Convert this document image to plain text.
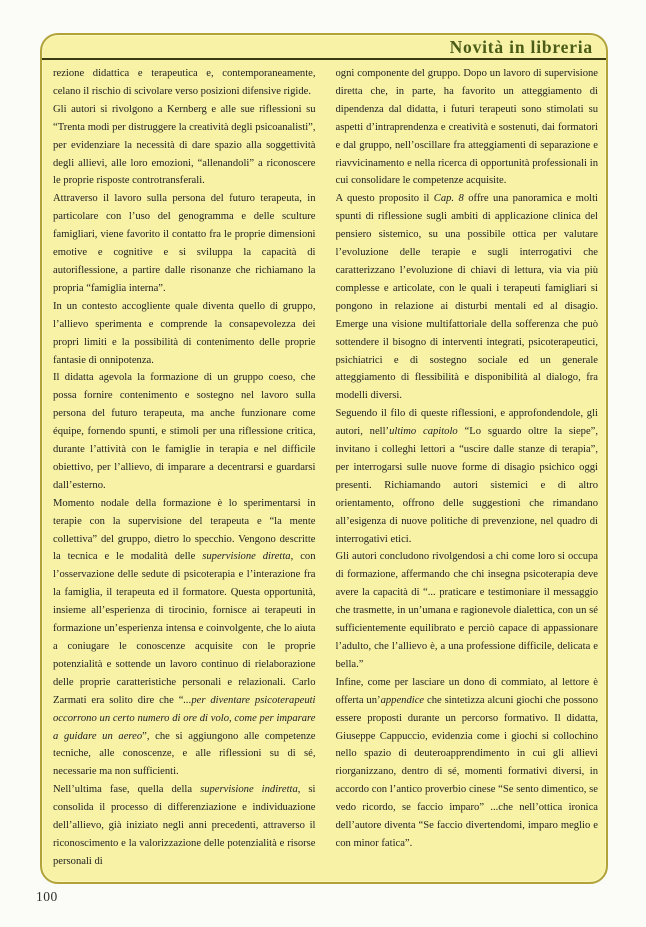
Novità in libreria

rezione didattica e terapeutica e, contemporaneamente, celano il rischio di scivolare verso posizioni difensive rigide.

Gli autori si rivolgono a Kernberg e alle sue riflessioni su “Trenta modi per distruggere la creatività degli psicoanalisti”, per evidenziare la necessità di dare spazio alla soggettività degli allievi, alle loro emozioni, “allenandoli” a riconoscere le proprie risposte controtransferali.

Attraverso il lavoro sulla persona del futuro terapeuta, in particolare con l’uso del genogramma e delle sculture famigliari, viene favorito il contatto fra le proprie dimensioni emotive e cognitive e si sviluppa la capacità di autoriflessione, a partire dalle risonanze che richiamano la propria “famiglia interna”.

In un contesto accogliente quale diventa quello di gruppo, l’allievo sperimenta e comprende la consapevolezza dei propri limiti e la possibilità di contenimento delle proprie fantasie di onnipotenza.

Il didatta agevola la formazione di un gruppo coeso, che possa fornire contenimento e sostegno nel lavoro sulla persona del futuro terapeuta, ma anche funzionare come équipe, fornendo spunti, e stimoli per una riflessione critica, durante l’attività con le famiglie in terapia e nel difficile obiettivo, per l’allievo, di imparare a decentrarsi e guardarsi dall’esterno.

Momento nodale della formazione è lo sperimentarsi in terapie con la supervisione del terapeuta e “la mente collettiva” del gruppo, dietro lo specchio. Vengono descritte la tecnica e le modalità delle supervisione diretta, con l’osservazione delle sedute di psicoterapia e l’interazione fra la famiglia, il terapeuta ed il formatore. Questa opportunità, insieme all’esperienza di tirocinio, fornisce ai terapeuti in formazione un’esperienza intensa e coinvolgente, che lo aiuta a coniugare le conoscenze acquisite con le proprie potenzialità e sottende un lavoro continuo di rielaborazione delle proprie caratteristiche personali e relazionali. Carlo Zarmati era solito dire che “...per diventare psicoterapeuti occorrono un certo numero di ore di volo, come per imparare a guidare un aereo”, che si aggiungono alle competenze tecniche, alle conoscenze, e alle riflessioni su di sé, necessarie ma non sufficienti.

Nell’ultima fase, quella della supervisione indiretta, si consolida il processo di differenziazione e individuazione dell’allievo, già iniziato negli anni precedenti, attraverso il riconoscimento e la valorizzazione delle potenzialità e risorse personali di

ogni componente del gruppo. Dopo un lavoro di supervisione diretta che, in parte, ha favorito un atteggiamento di dipendenza dal didatta, i futuri terapeuti sono stimolati su aspetti d’intraprendenza e creatività e sostenuti, dai formatori e dal gruppo, nell’oscillare fra atteggiamenti di separazione e riavvicinamento e nella ricerca di opportunità professionali in cui consolidare le competenze acquisite.

A questo proposito il Cap. 8 offre una panoramica e molti spunti di riflessione sugli ambiti di applicazione clinica del pensiero sistemico, su una possibile ottica per valutare l’evoluzione delle terapie e sugli interrogativi che caratterizzano l’evoluzione di chiavi di lettura, via via più complesse e articolate, con le quali i terapeuti famigliari si pongono in relazione ai disturbi mentali ed al disagio. Emerge una visione multifattoriale della sofferenza che può sottendere il bisogno di interventi integrati, psicoterapeutici, psichiatrici e di sostegno sociale ed un generale atteggiamento di flessibilità e disponibilità al dialogo, fra modelli diversi.

Seguendo il filo di queste riflessioni, e approfondendole, gli autori, nell’ultimo capitolo “Lo sguardo oltre la siepe”, invitano i colleghi lettori a “uscire dalle stanze di terapia”, per interrogarsi sulle nuove forme di disagio psichico oggi presenti. Richiamando autori sistemici e di altro orientamento, offrono delle suggestioni che rimandano all’esigenza di nuove politiche di prevenzione, nel quadro di interrogativi etici.

Gli autori concludono rivolgendosi a chi come loro si occupa di formazione, affermando che chi insegna psicoterapia deve avere la capacità di “... praticare e testimoniare il messaggio che trasmette, in un’umana e ragionevole dialettica, con un sé sufficientemente equilibrato e perciò capace di appassionare l’adulto, che l’allievo è, a una professione difficile, delicata e bella.”

Infine, come per lasciare un dono di commiato, al lettore è offerta un’appendice che sintetizza alcuni giochi che possono essere proposti durante un percorso formativo. Il didatta, Giuseppe Cappuccio, evidenzia come i giochi si collochino nello spazio di deuteroapprendimento in cui gli allievi riorganizzano, dentro di sé, momenti formativi diversi, in accordo con l’antico proverbio cinese “Se sento dimentico, se vedo ricordo, se faccio imparo” ...che nell’ottica ironica dell’autore diventa “Se faccio divertendomi, imparo meglio e con minor fatica”.

100
